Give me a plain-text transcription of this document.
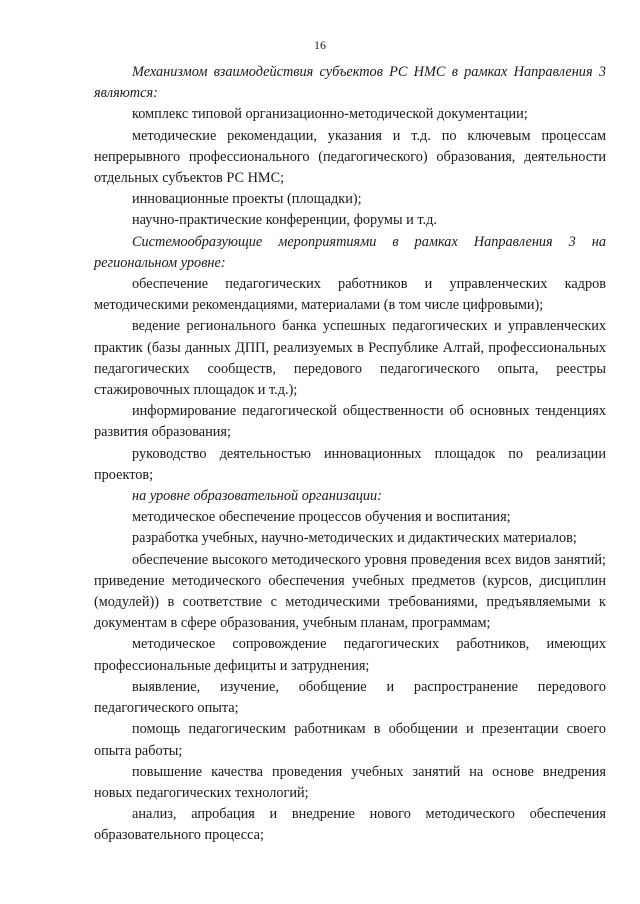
16

Механизмом взаимодействия субъектов РС НМС в рамках Направления 3 являются:

комплекс типовой организационно-методической документации;

методические рекомендации, указания и т.д. по ключевым процессам непрерывного профессионального (педагогического) образования, деятельности отдельных субъектов РС НМС;

инновационные проекты (площадки);

научно-практические конференции, форумы и т.д.

Системообразующие мероприятиями в рамках Направления 3 на региональном уровне:

обеспечение педагогических работников и управленческих кадров методическими рекомендациями, материалами (в том числе цифровыми);

ведение регионального банка успешных педагогических и управленческих практик (базы данных ДПП, реализуемых в Республике Алтай, профессиональных педагогических сообществ, передового педагогического опыта, реестры стажировочных площадок и т.д.);

информирование педагогической общественности об основных тенденциях развития образования;

руководство деятельностью инновационных площадок по реализации проектов;

на уровне образовательной организации:

методическое обеспечение процессов обучения и воспитания;

разработка учебных, научно-методических и дидактических материалов;

обеспечение высокого методического уровня проведения всех видов занятий; приведение методического обеспечения учебных предметов (курсов, дисциплин (модулей)) в соответствие с методическими требованиями, предъявляемыми к документам в сфере образования, учебным планам, программам;

методическое сопровождение педагогических работников, имеющих профессиональные дефициты и затруднения;

выявление, изучение, обобщение и распространение передового педагогического опыта;

помощь педагогическим работникам в обобщении и презентации своего опыта работы;

повышение качества проведения учебных занятий на основе внедрения новых педагогических технологий;

анализ, апробация и внедрение нового методического обеспечения образовательного процесса;
